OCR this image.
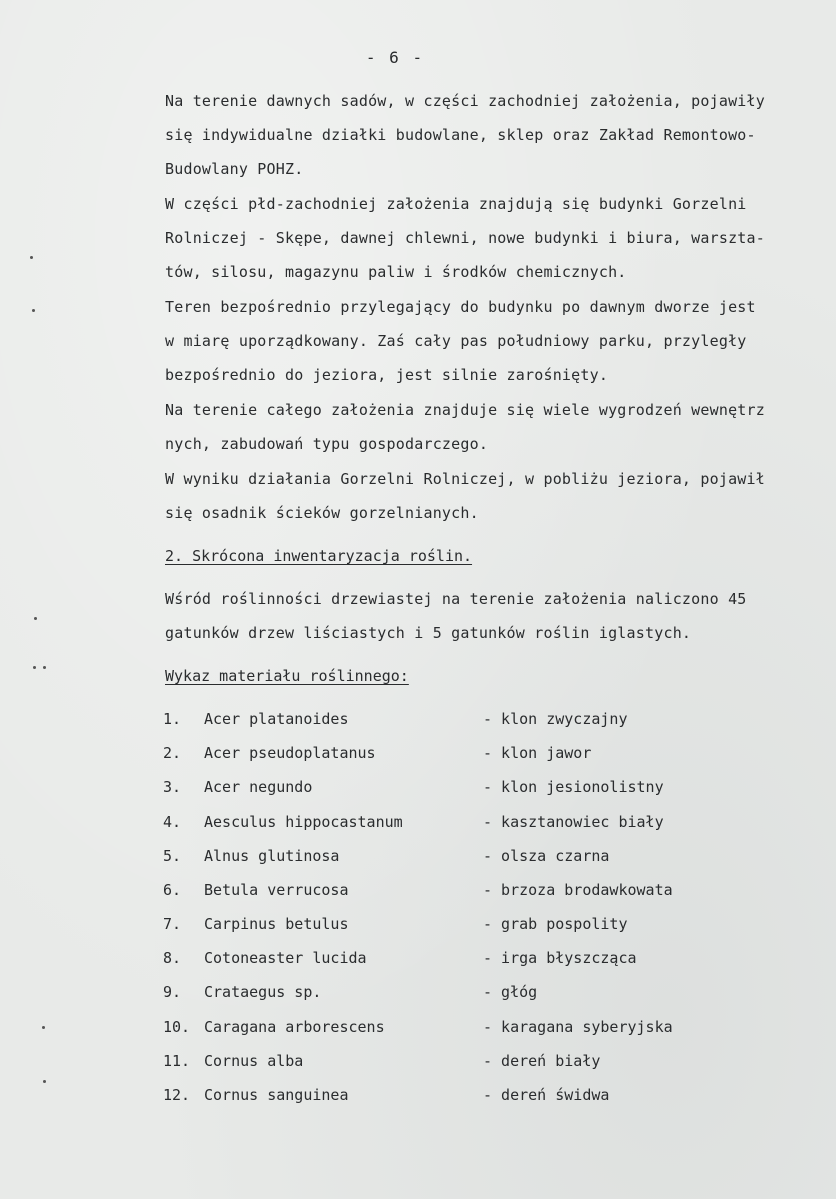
- 6 -
Na terenie dawnych sadów, w części zachodniej założenia, pojawiły
się indywidualne działki budowlane, sklep oraz Zakład Remontowo-
Budowlany POHZ.
W części płd-zachodniej założenia znajdują się budynki Gorzelni
Rolniczej - Skępe, dawnej chlewni, nowe budynki i biura, warszta-
tów, silosu, magazynu paliw i środków chemicznych.
Teren bezpośrednio przylegający do budynku po dawnym dworze jest
w miarę uporządkowany. Zaś cały pas południowy parku, przyległy
bezpośrednio do jeziora, jest silnie zarośnięty.
Na terenie całego założenia znajduje się wiele wygrodzeń wewnętrz
nych, zabudowań typu gospodarczego.
W wyniku działania Gorzelni Rolniczej, w pobliżu jeziora, pojawił
się osadnik ścieków gorzelnianych.
2. Skrócona inwentaryzacja roślin.
Wśród roślinności drzewiastej na terenie założenia naliczono 45
gatunków drzew liściastych i 5 gatunków roślin iglastych.
Wykaz materiału roślinnego:
1.	Acer platanoides	- klon zwyczajny
2.	Acer pseudoplatanus	- klon jawor
3.	Acer negundo	- klon jesionolistny
4.	Aesculus hippocastanum	- kasztanowiec biały
5.	Alnus glutinosa	- olsza czarna
6.	Betula verrucosa	- brzoza brodawkowata
7.	Carpinus betulus	- grab pospolity
8.	Cotoneaster lucida	- irga błyszcząca
9.	Crataegus sp.	- głóg
10. Caragana arborescens	- karagana syberyjska
11. Cornus alba	- dereń biały
12. Cornus sanguinea	- dereń świdwa
